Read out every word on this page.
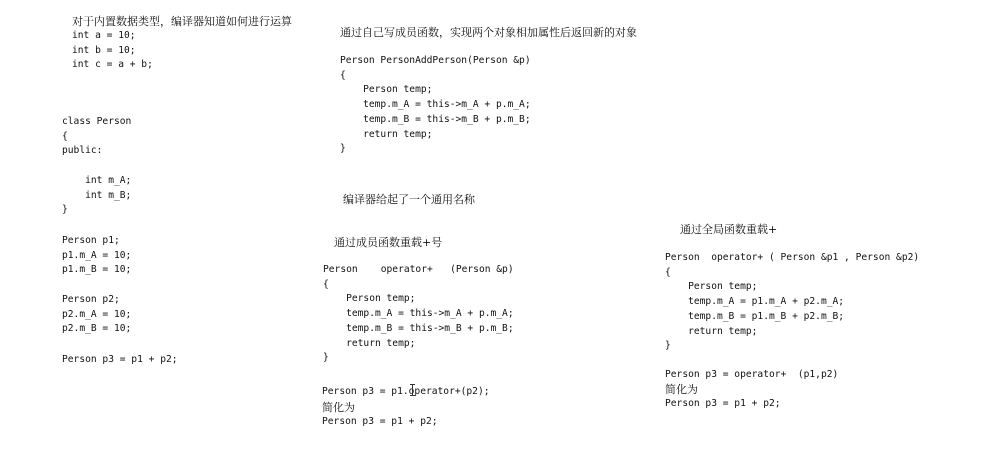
对于内置数据类型，编译器知道如何进行运算
int a = 10;
int b = 10;
int c = a + b;
class Person
{
public:

int m_A;
int m_B;
}
Person p1;
p1.m_A = 10;
p1.m_B = 10;
Person p2;
p2.m_A = 10;
p2.m_B = 10;
Person p3 = p1 + p2;
通过自己写成员函数，实现两个对象相加属性后返回新的对象
Person PersonAddPerson(Person &p)
{
Person temp;
temp.m_A = this->m_A + p.m_A;
temp.m_B = this->m_B + p.m_B;
return temp;
}
编译器给起了一个通用名称
通过成员函数重载+号
Person    operator+   (Person &p)
{
Person temp;
temp.m_A = this->m_A + p.m_A;
temp.m_B = this->m_B + p.m_B;
return temp;
}
Person p3 = p1.operator+(p2);
简化为
Person p3 = p1 + p2;
通过全局函数重载+
Person  operator+ ( Person &p1 , Person &p2)
{
Person temp;
temp.m_A = p1.m_A + p2.m_A;
temp.m_B = p1.m_B + p2.m_B;
return temp;
}
Person p3 = operator+  (p1,p2)
简化为
Person p3 = p1 + p2;
